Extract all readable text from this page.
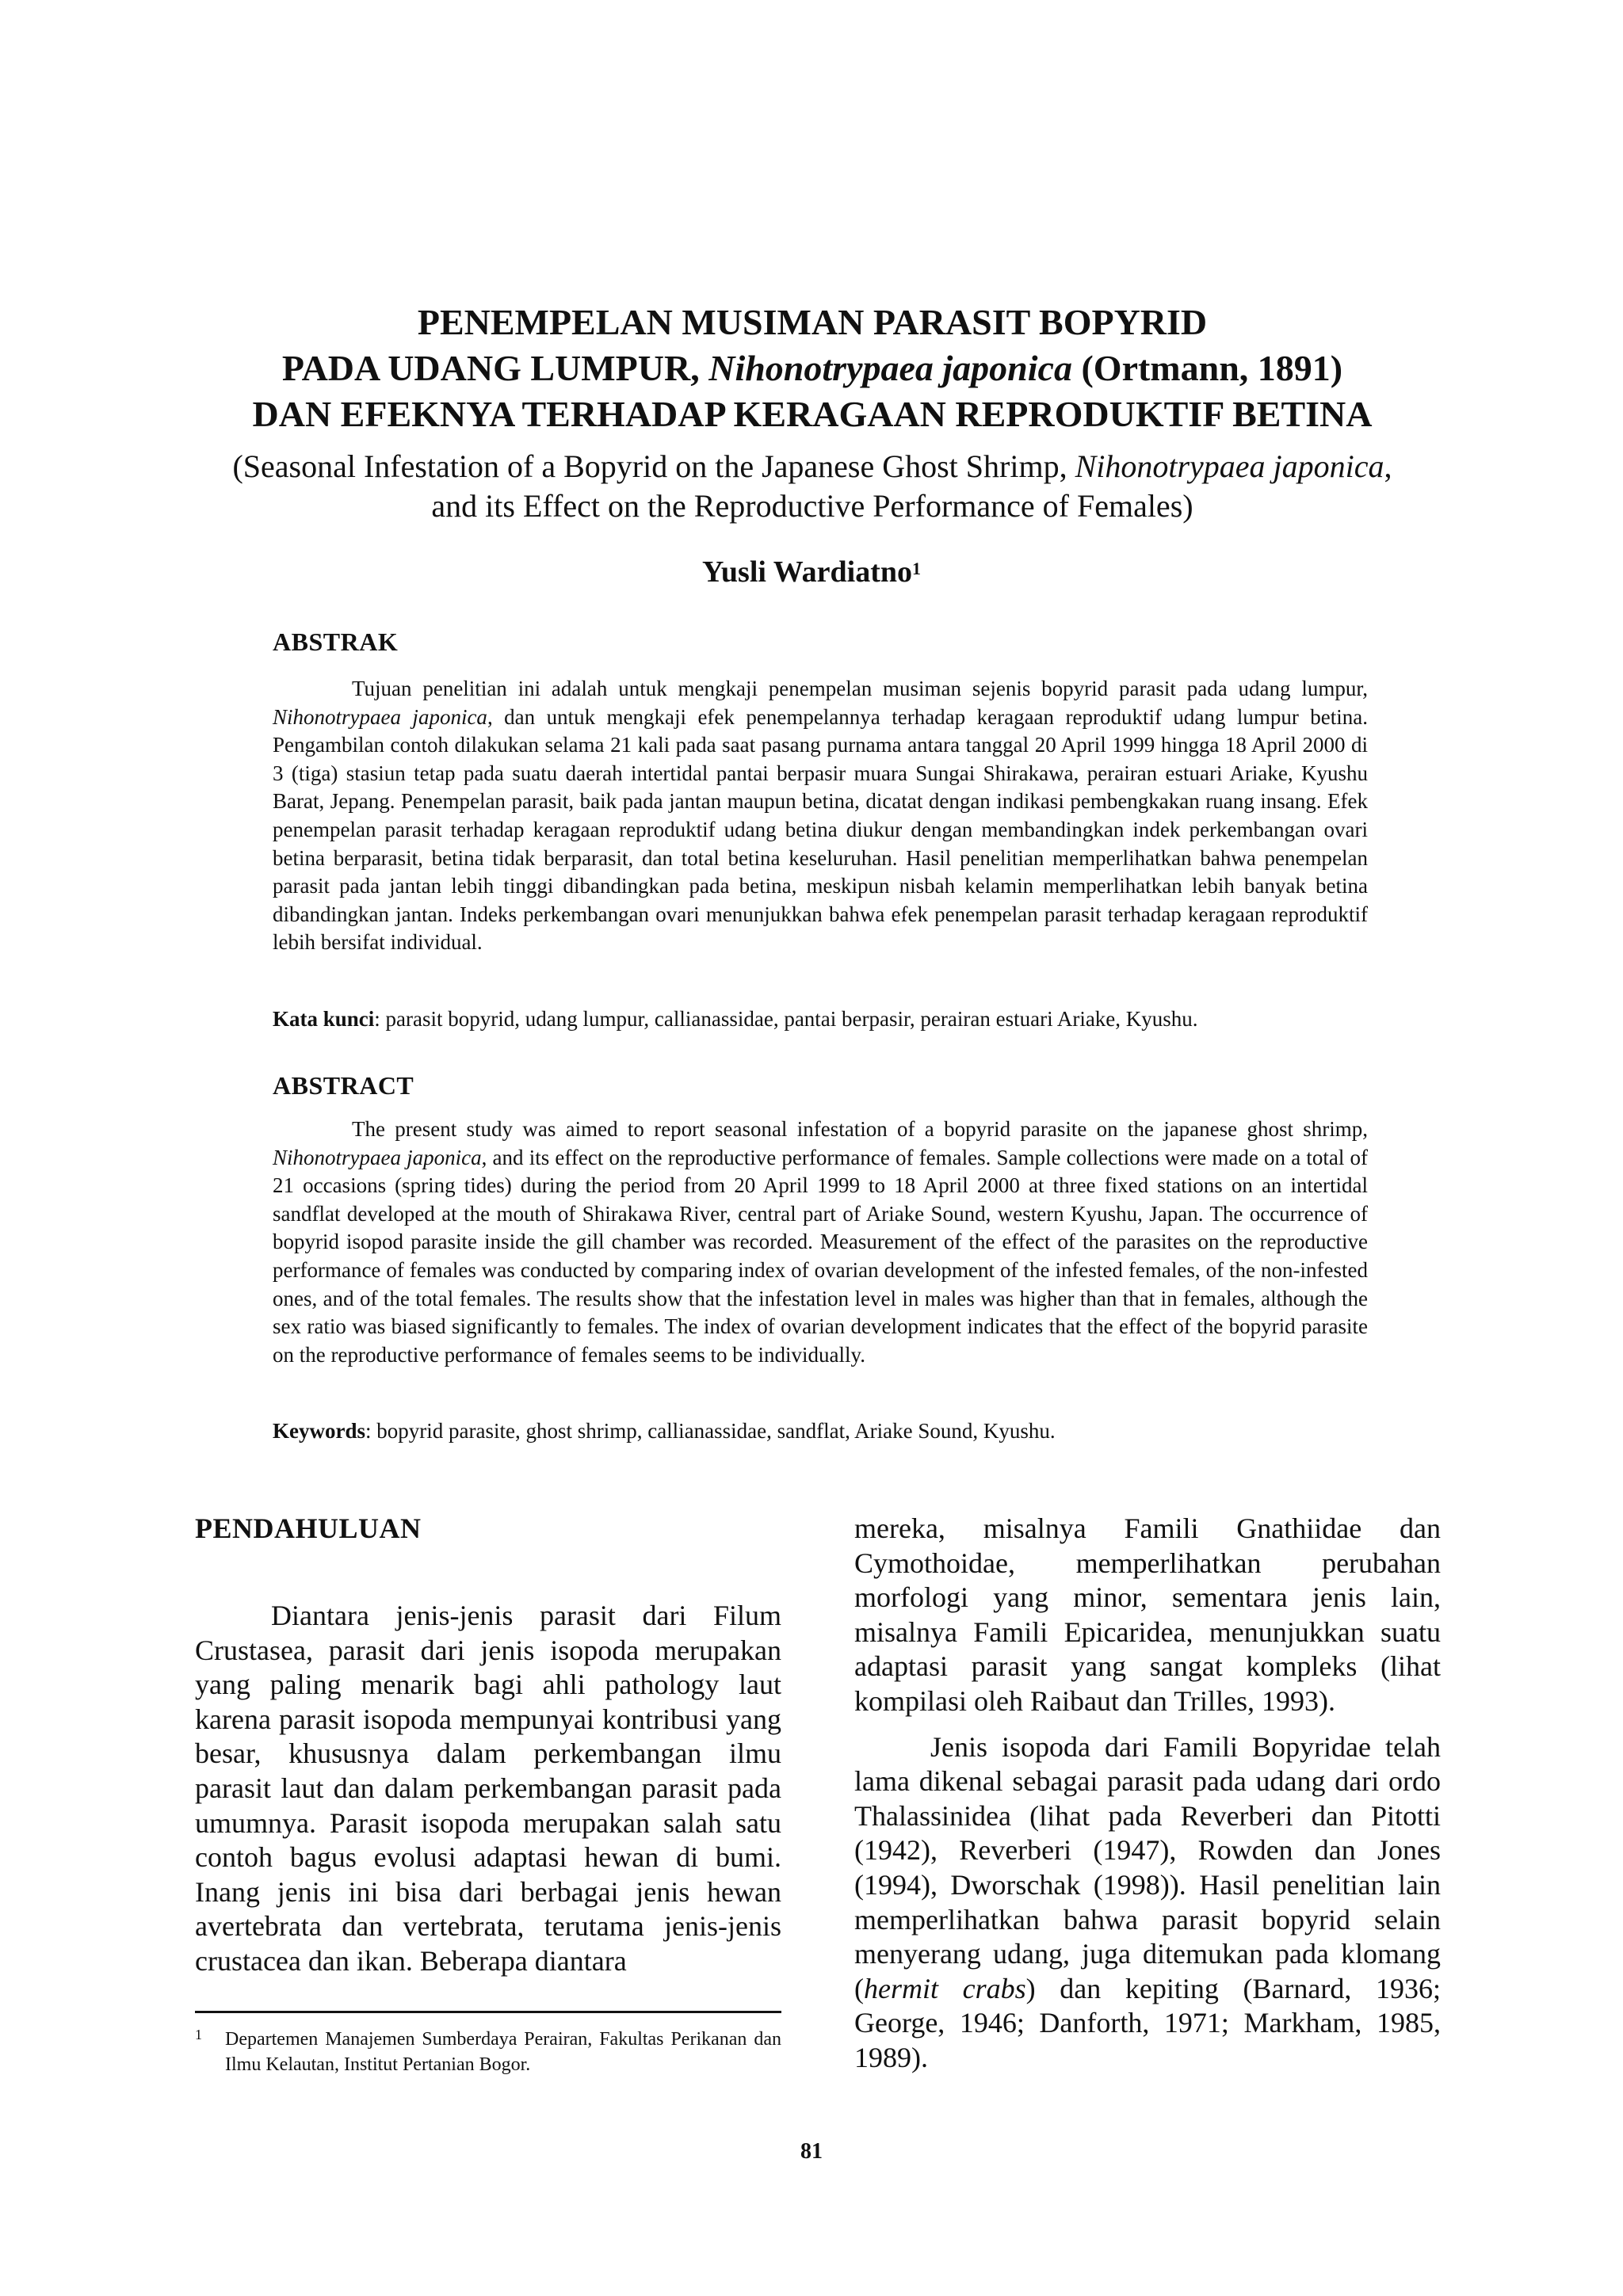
PENEMPELAN MUSIMAN PARASIT BOPYRID
PADA UDANG LUMPUR, Nihonotrypaea japonica (Ortmann, 1891)
DAN EFEKNYA TERHADAP KERAGAAN REPRODUKTIF BETINA
(Seasonal Infestation of a Bopyrid on the Japanese Ghost Shrimp, Nihonotrypaea japonica,
and its Effect on the Reproductive Performance of Females)
Yusli Wardiatno$^1$
ABSTRAK
Tujuan penelitian ini adalah untuk mengkaji penempelan musiman sejenis bopyrid parasit pada udang lumpur, Nihonotrypaea japonica, dan untuk mengkaji efek penempelannya terhadap keragaan reproduktif udang lumpur betina. Pengambilan contoh dilakukan selama 21 kali pada saat pasang purnama antara tanggal 20 April 1999 hingga 18 April 2000 di 3 (tiga) stasiun tetap pada suatu daerah intertidal pantai berpasir muara Sungai Shirakawa, perairan estuari Ariake, Kyushu Barat, Jepang. Penempelan parasit, baik pada jantan maupun betina, dicatat dengan indikasi pembengkakan ruang insang. Efek penempelan parasit terhadap keragaan reproduktif udang betina diukur dengan membandingkan indek perkembangan ovari betina berparasit, betina tidak berparasit, dan total betina keseluruhan. Hasil penelitian memperlihatkan bahwa penempelan parasit pada jantan lebih tinggi dibandingkan pada betina, meskipun nisbah kelamin memperlihatkan lebih banyak betina dibandingkan jantan. Indeks perkembangan ovari menunjukkan bahwa efek penempelan parasit terhadap keragaan reproduktif lebih bersifat individual.
Kata kunci: parasit bopyrid, udang lumpur, callianassidae, pantai berpasir, perairan estuari Ariake, Kyushu.
ABSTRACT
The present study was aimed to report seasonal infestation of a bopyrid parasite on the japanese ghost shrimp, Nihonotrypaea japonica, and its effect on the reproductive performance of females. Sample collections were made on a total of 21 occasions (spring tides) during the period from 20 April 1999 to 18 April 2000 at three fixed stations on an intertidal sandflat developed at the mouth of Shirakawa River, central part of Ariake Sound, western Kyushu, Japan. The occurrence of bopyrid isopod parasite inside the gill chamber was recorded. Measurement of the effect of the parasites on the reproductive performance of females was conducted by comparing index of ovarian development of the infested females, of the non-infested ones, and of the total females. The results show that the infestation level in males was higher than that in females, although the sex ratio was biased significantly to females. The index of ovarian development indicates that the effect of the bopyrid parasite on the reproductive performance of females seems to be individually.
Keywords: bopyrid parasite, ghost shrimp, callianassidae, sandflat, Ariake Sound, Kyushu.
PENDAHULUAN

Diantara jenis-jenis parasit dari Filum Crustasea, parasit dari jenis isopoda merupakan yang paling menarik bagi ahli pathology laut karena parasit isopoda mempunyai kontribusi yang besar, khususnya dalam perkembangan ilmu parasit laut dan dalam perkembangan parasit pada umumnya. Parasit isopoda merupakan salah satu contoh bagus evolusi adaptasi hewan di bumi. Inang jenis ini bisa dari berbagai jenis hewan avertebrata dan vertebrata, terutama jenis-jenis crustacea dan ikan. Beberapa diantara

mereka, misalnya Famili Gnathiidae dan Cymothoidae, memperlihatkan perubahan morfologi yang minor, sementara jenis lain, misalnya Famili Epicaridea, menunjukkan suatu adaptasi parasit yang sangat kompleks (lihat kompilasi oleh Raibaut dan Trilles, 1993).

Jenis isopoda dari Famili Bopyridae telah lama dikenal sebagai parasit pada udang dari ordo Thalassinidea (lihat pada Reverberi dan Pitotti (1942), Reverberi (1947), Rowden dan Jones (1994), Dworschak (1998)). Hasil penelitian lain memperlihatkan bahwa parasit bopyrid selain menyerang udang, juga ditemukan pada klomang (hermit crabs) dan kepiting (Barnard, 1936; George, 1946; Danforth, 1971; Markham, 1985, 1989).

1 Departemen Manajemen Sumberdaya Perairan, Fakultas Perikanan dan Ilmu Kelautan, Institut Pertanian Bogor.
81
